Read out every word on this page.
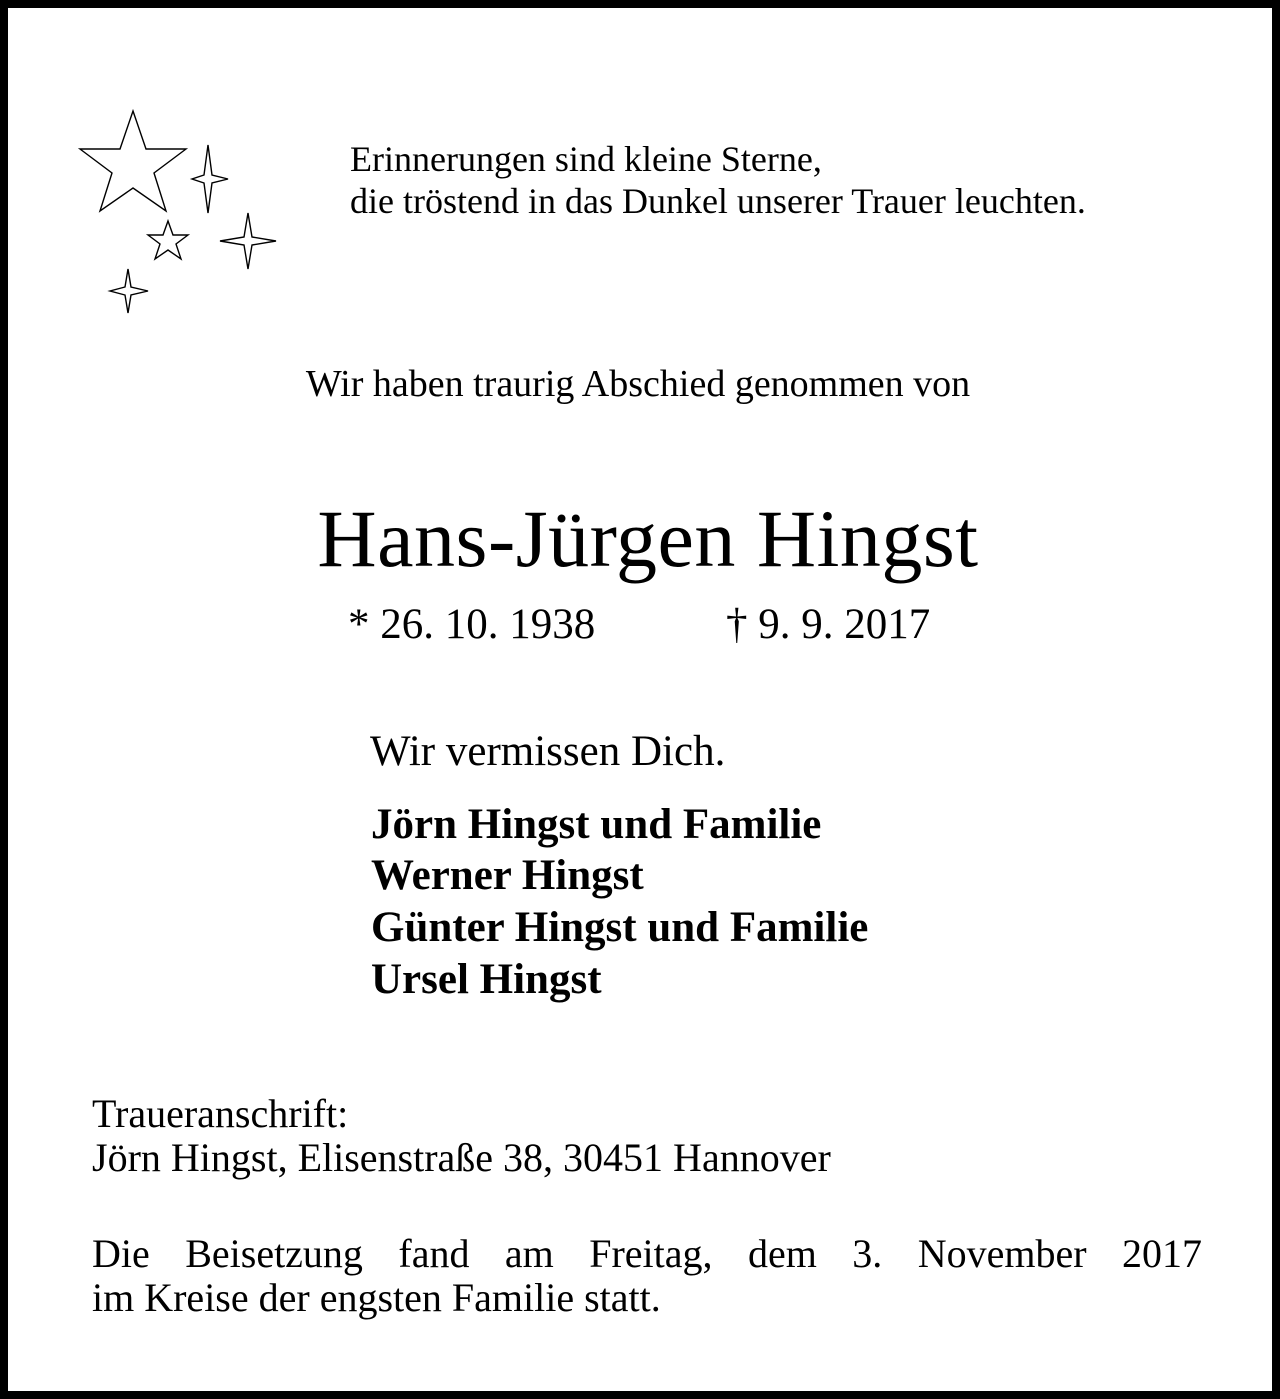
Erinnerungen sind kleine Sterne,
die tröstend in das Dunkel unserer Trauer leuchten.
Wir haben traurig Abschied genommen von
Hans-Jürgen Hingst
* 26. 10. 1938	† 9. 9. 2017
Wir vermissen Dich.
Jörn Hingst und Familie
Werner Hingst
Günter Hingst und Familie
Ursel Hingst
Traueranschrift:
Jörn Hingst, Elisenstraße 38, 30451 Hannover
Die Beisetzung fand am Freitag, dem 3. November 2017
im Kreise der engsten Familie statt.
